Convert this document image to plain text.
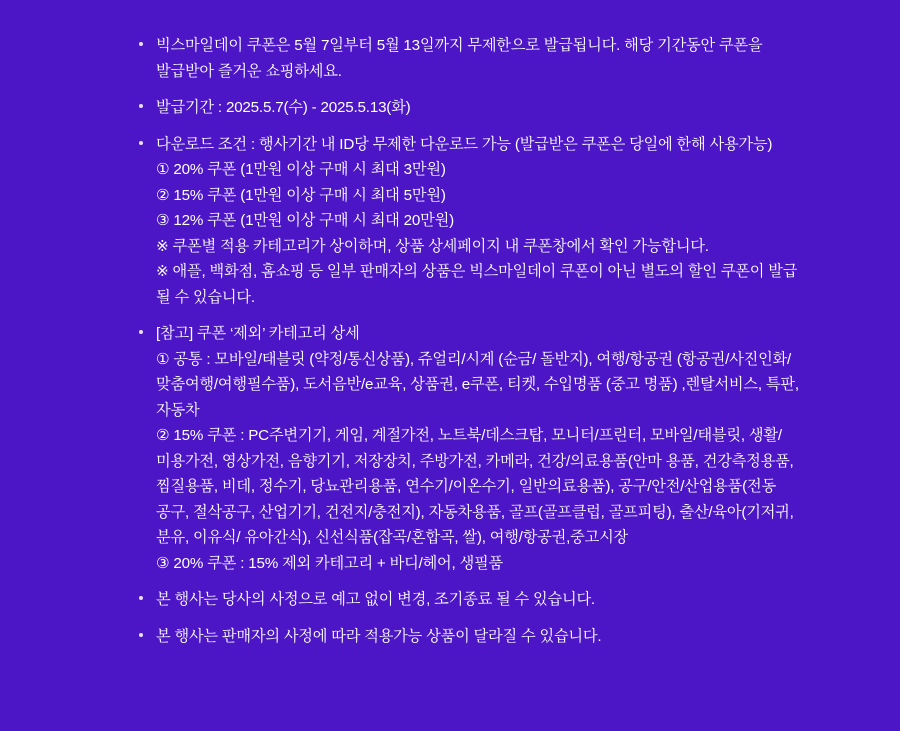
빅스마일데이 쿠폰은 5월 7일부터 5월 13일까지 무제한으로 발급됩니다. 해당 기간동안 쿠폰을 발급받아 즐거운 쇼핑하세요.
발급기간 : 2025.5.7(수) - 2025.5.13(화)
다운로드 조건 : 행사기간 내 ID당 무제한 다운로드 가능 (발급받은 쿠폰은 당일에 한해 사용가능)
① 20% 쿠폰 (1만원 이상 구매 시 최대 3만원)
② 15% 쿠폰 (1만원 이상 구매 시 최대 5만원)
③ 12% 쿠폰 (1만원 이상 구매 시 최대 20만원)
※ 쿠폰별 적용 카테고리가 상이하며, 상품 상세페이지 내 쿠폰창에서 확인 가능합니다.
※ 애플, 백화점, 홈쇼핑 등 일부 판매자의 상품은 빅스마일데이 쿠폰이 아닌 별도의 할인 쿠폰이 발급 될 수 있습니다.
[참고] 쿠폰 ‘제외’ 카테고리 상세
① 공통 : 모바일/태블릿 (약정/통신상품), 쥬얼리/시계 (순금/ 돌반지), 여행/항공권 (항공권/사진인화/맞춤여행/여행필수품), 도서음반/e교육, 상품권, e쿠폰, 티켓, 수입명품 (중고 명품) ,렌탈서비스, 특판, 자동차
② 15% 쿠폰 : PC주변기기, 게임, 계절가전, 노트북/데스크탑, 모니터/프린터, 모바일/태블릿, 생활/미용가전, 영상가전, 음향기기, 저장장치, 주방가전, 카메라, 건강/의료용품(안마 용품, 건강측정용품, 찜질용품, 비데, 정수기, 당뇨관리용품, 연수기/이온수기, 일반의료용품), 공구/안전/산업용품(전동 공구, 절삭공구, 산업기기, 건전지/충전지), 자동차용품, 골프(골프클럽, 골프피팅), 출산/육아(기저귀, 분유, 이유식/ 유아간식), 신선식품(잡곡/혼합곡, 쌀), 여행/항공권,중고시장
③ 20% 쿠폰 : 15% 제외 카테고리 + 바디/헤어, 생필품
본 행사는 당사의 사정으로 예고 없이 변경, 조기종료 될 수 있습니다.
본 행사는 판매자의 사정에 따라 적용가능 상품이 달라질 수 있습니다.
